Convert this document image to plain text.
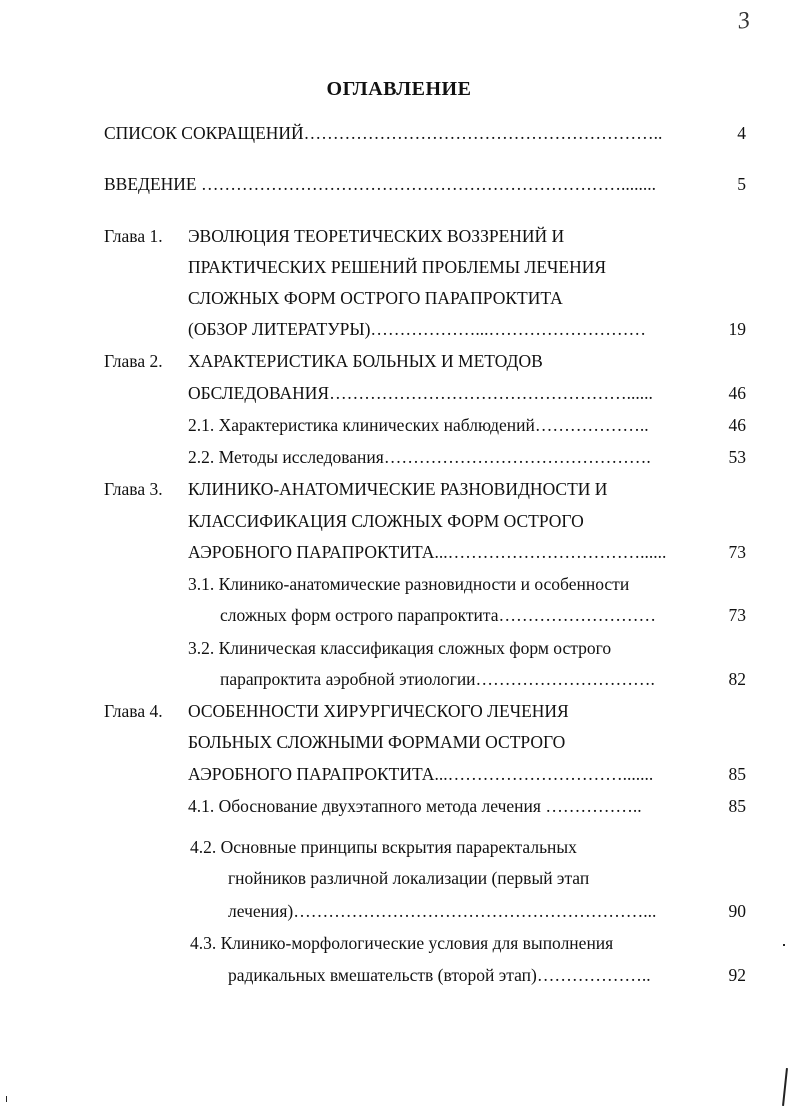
3
ОГЛАВЛЕНИЕ
СПИСОК СОКРАЩЕНИЙ……………………………………………………..	4
ВВЕДЕНИЕ ………………………………………………………………........	5
Глава 1. ЭВОЛЮЦИЯ ТЕОРЕТИЧЕСКИХ ВОЗЗРЕНИЙ И
ПРАКТИЧЕСКИХ РЕШЕНИЙ ПРОБЛЕМЫ ЛЕЧЕНИЯ
СЛОЖНЫХ ФОРМ ОСТРОГО ПАРАПРОКТИТА
(ОБЗОР ЛИТЕРАТУРЫ)………………...………………………	19
Глава 2. ХАРАКТЕРИСТИКА БОЛЬНЫХ И МЕТОДОВ
ОБСЛЕДОВАНИЯ……………………………………………......	46
2.1. Характеристика клинических наблюдений………………..	46
2.2. Методы исследования……………………………………….	53
Глава 3. КЛИНИКО-АНАТОМИЧЕСКИЕ РАЗНОВИДНОСТИ И
КЛАССИФИКАЦИЯ СЛОЖНЫХ ФОРМ ОСТРОГО
АЭРОБНОГО ПАРАПРОКТИТА...……………………………......	73
3.1. Клинико-анатомические разновидности и особенности
сложных форм острого парапроктита………………………	73
3.2. Клиническая классификация сложных форм острого
парапроктита аэробной этиологии………………………….	82
Глава 4. ОСОБЕННОСТИ ХИРУРГИЧЕСКОГО ЛЕЧЕНИЯ
БОЛЬНЫХ СЛОЖНЫМИ ФОРМАМИ ОСТРОГО
АЭРОБНОГО ПАРАПРОКТИТА...………………………….......	85
4.1. Обоснование двухэтапного метода лечения ……………..	85
4.2. Основные принципы вскрытия параректальных
гнойников различной локализации (первый этап
лечения)……………………………………………………...	90
4.3. Клинико-морфологические условия для выполнения
радикальных вмешательств (второй этап)………………..	92
